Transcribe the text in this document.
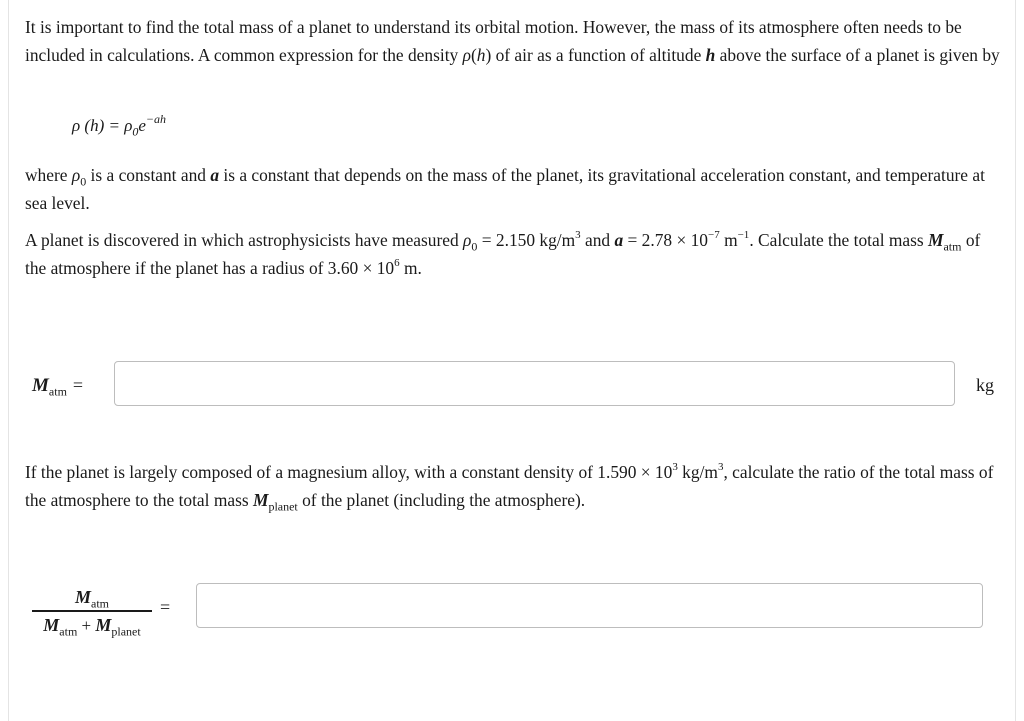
It is important to find the total mass of a planet to understand its orbital motion. However, the mass of its atmosphere often needs to be included in calculations. A common expression for the density ρ(h) of air as a function of altitude h above the surface of a planet is given by

ρ $(h) = \rho_0e^{-ah}$

where $\rho_0$ is a constant and a is a constant that depends on the mass of the planet, its gravitational acceleration constant, and temperature at sea level.

A planet is discovered in which astrophysicists have measured $\rho_0 = 2.150$ $kg/m^3$ and $a = 2.78 \times 10^{-7}$ $m^{-1}$. Calculate the total mass $M_{atm}$ of the atmosphere if the planet has a radius of $3.60 \times 10^6$ m.

$M_{atm}$ =	kg

If the planet is largely composed of a magnesium alloy, with a constant density of $1.590 \times 10^3$ $kg/m^3$, calculate the ratio of the total mass of the atmosphere to the total mass $M_{planet}$ of the planet (including the atmosphere).

$M_{atm}$
$M_{atm} + M_{planet}$
=
